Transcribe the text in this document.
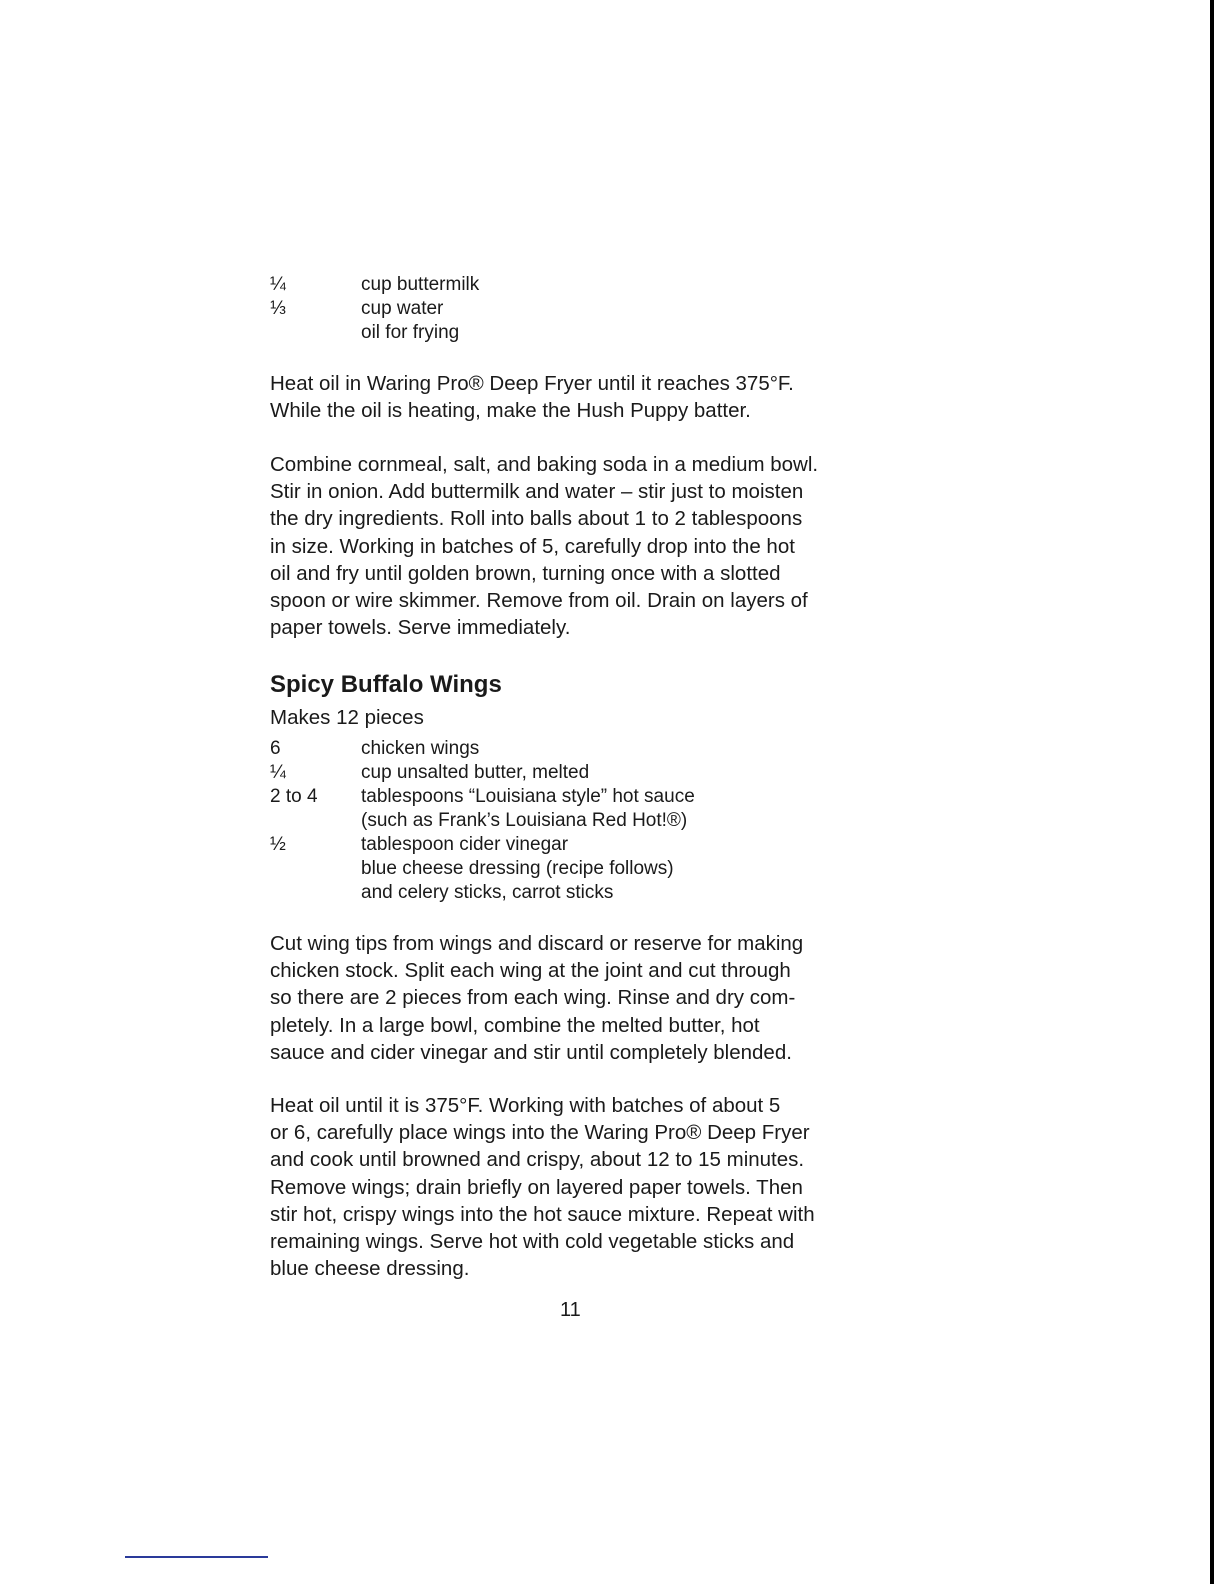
¼	cup buttermilk
⅓	cup water
oil for frying

Heat oil in Waring Pro® Deep Fryer until it reaches 375°F.
While the oil is heating, make the Hush Puppy batter.

Combine cornmeal, salt, and baking soda in a medium bowl.
Stir in onion. Add buttermilk and water – stir just to moisten
the dry ingredients. Roll into balls about 1 to 2 tablespoons
in size. Working in batches of 5, carefully drop into the hot
oil and fry until golden brown, turning once with a slotted
spoon or wire skimmer. Remove from oil. Drain on layers of
paper towels. Serve immediately.

Spicy Buffalo Wings
Makes 12 pieces
6	chicken wings
¼	cup unsalted butter, melted
2 to 4	tablespoons “Louisiana style” hot sauce
(such as Frank’s Louisiana Red Hot!®)
½	tablespoon cider vinegar
blue cheese dressing (recipe follows)
and celery sticks, carrot sticks

Cut wing tips from wings and discard or reserve for making
chicken stock. Split each wing at the joint and cut through
so there are 2 pieces from each wing. Rinse and dry com-
pletely. In a large bowl, combine the melted butter, hot
sauce and cider vinegar and stir until completely blended.

Heat oil until it is 375°F. Working with batches of about 5
or 6, carefully place wings into the Waring Pro® Deep Fryer
and cook until browned and crispy, about 12 to 15 minutes.
Remove wings; drain briefly on layered paper towels. Then
stir hot, crispy wings into the hot sauce mixture. Repeat with
remaining wings. Serve hot with cold vegetable sticks and
blue cheese dressing.

11
